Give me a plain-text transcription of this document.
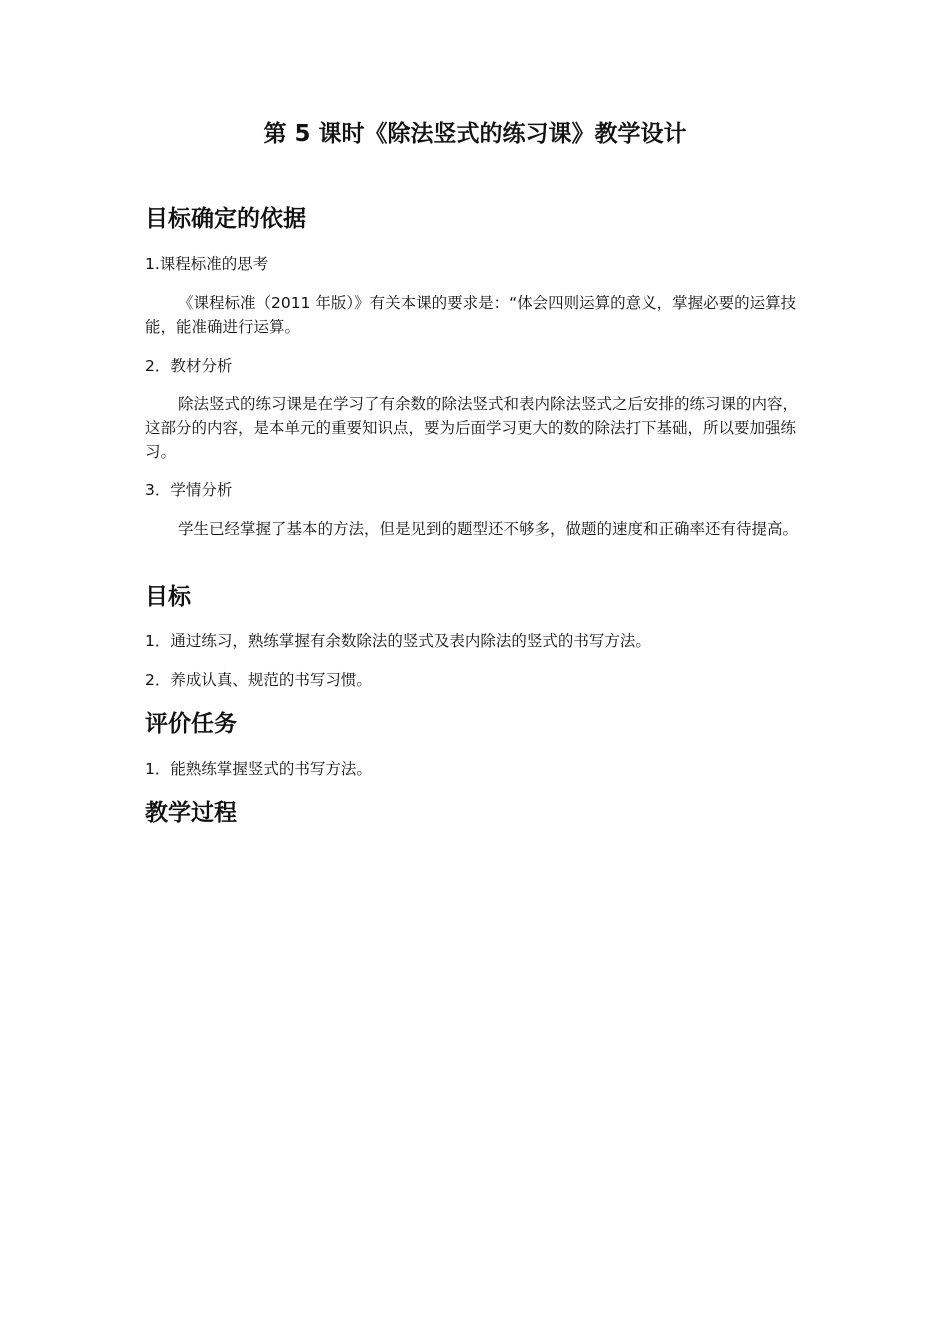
第 5 课时《除法竖式的练习课》教学设计
目标确定的依据

1.课程标准的思考

《课程标准（2011 年版）》有关本课的要求是：“体会四则运算的意义，掌握必要的运算技能，能准确进行运算。

2．教材分析

除法竖式的练习课是在学习了有余数的除法竖式和表内除法竖式之后安排的练习课的内容，这部分的内容，是本单元的重要知识点，要为后面学习更大的数的除法打下基础，所以要加强练习。

3．学情分析

学生已经掌握了基本的方法，但是见到的题型还不够多，做题的速度和正确率还有待提高。

目标

1．通过练习，熟练掌握有余数除法的竖式及表内除法的竖式的书写方法。

2．养成认真、规范的书写习惯。

评价任务

1．能熟练掌握竖式的书写方法。

教学过程
